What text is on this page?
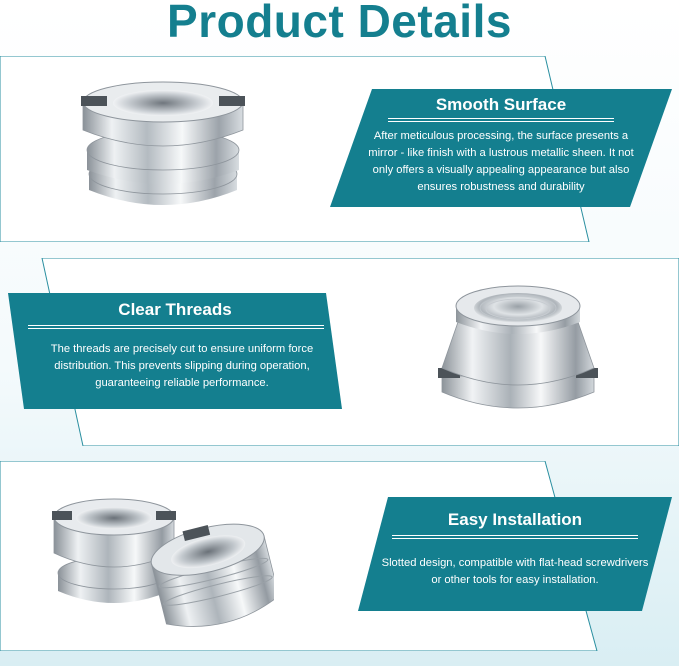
Product Details
Smooth Surface
After meticulous processing, the surface presents a mirror - like finish with a lustrous metallic sheen. It not only offers a visually appealing appearance but also ensures robustness and durability
Clear Threads
The threads are precisely cut to ensure uniform force distribution. This prevents slipping during operation, guaranteeing reliable performance.
Easy Installation
Slotted design, compatible with flat-head screwdrivers or other tools for easy installation.
